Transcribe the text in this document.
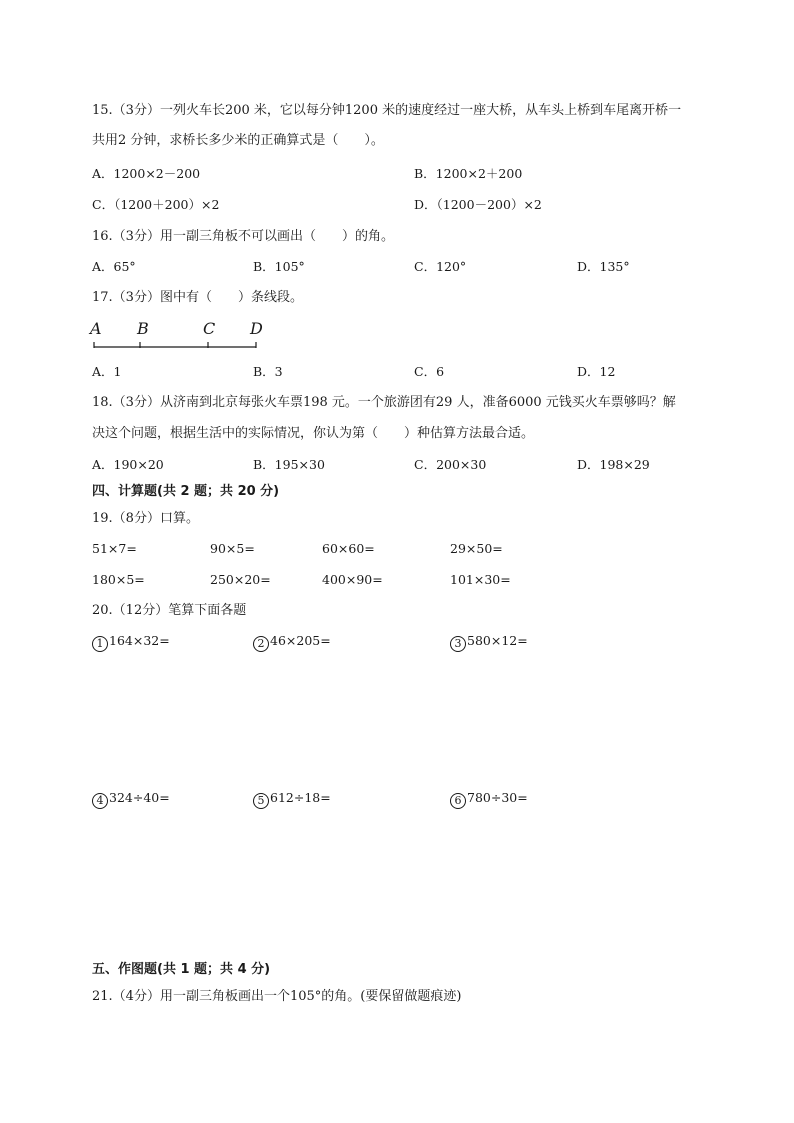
15.（3分）一列火车长200 米，它以每分钟1200 米的速度经过一座大桥，从车头上桥到车尾离开桥一
共用2 分钟，求桥长多少米的正确算式是（　　）。
A．1200×2－200	B．1200×2＋200
C．（1200＋200）×2	D．（1200－200）×2
16.（3分）用一副三角板不可以画出（　　）的角。
A．65°	B．105°	C．120°	D．135°
17.（3分）图中有（　　）条线段。
A B	C D
A．1	B．3	C．6	D．12
18.（3分）从济南到北京每张火车票198 元。一个旅游团有29 人，准备6000 元钱买火车票够吗？解
决这个问题，根据生活中的实际情况，你认为第（　　）种估算方法最合适。
A．190×20	B．195×30	C．200×30	D．198×29
四、计算题(共 2 题；共 20 分)
19.（8分）口算。
51×7=	90×5=	60×60=	29×50=
180×5=	250×20=	400×90=	101×30=
20.（12分）笔算下面各题
1 164×32=	2 46×205=	3 580×12=
4 324÷40=	5 612÷18=	6 780÷30=
五、作图题(共 1 题；共 4 分)
21.（4分）用一副三角板画出一个105°的角。(要保留做题痕迹)
